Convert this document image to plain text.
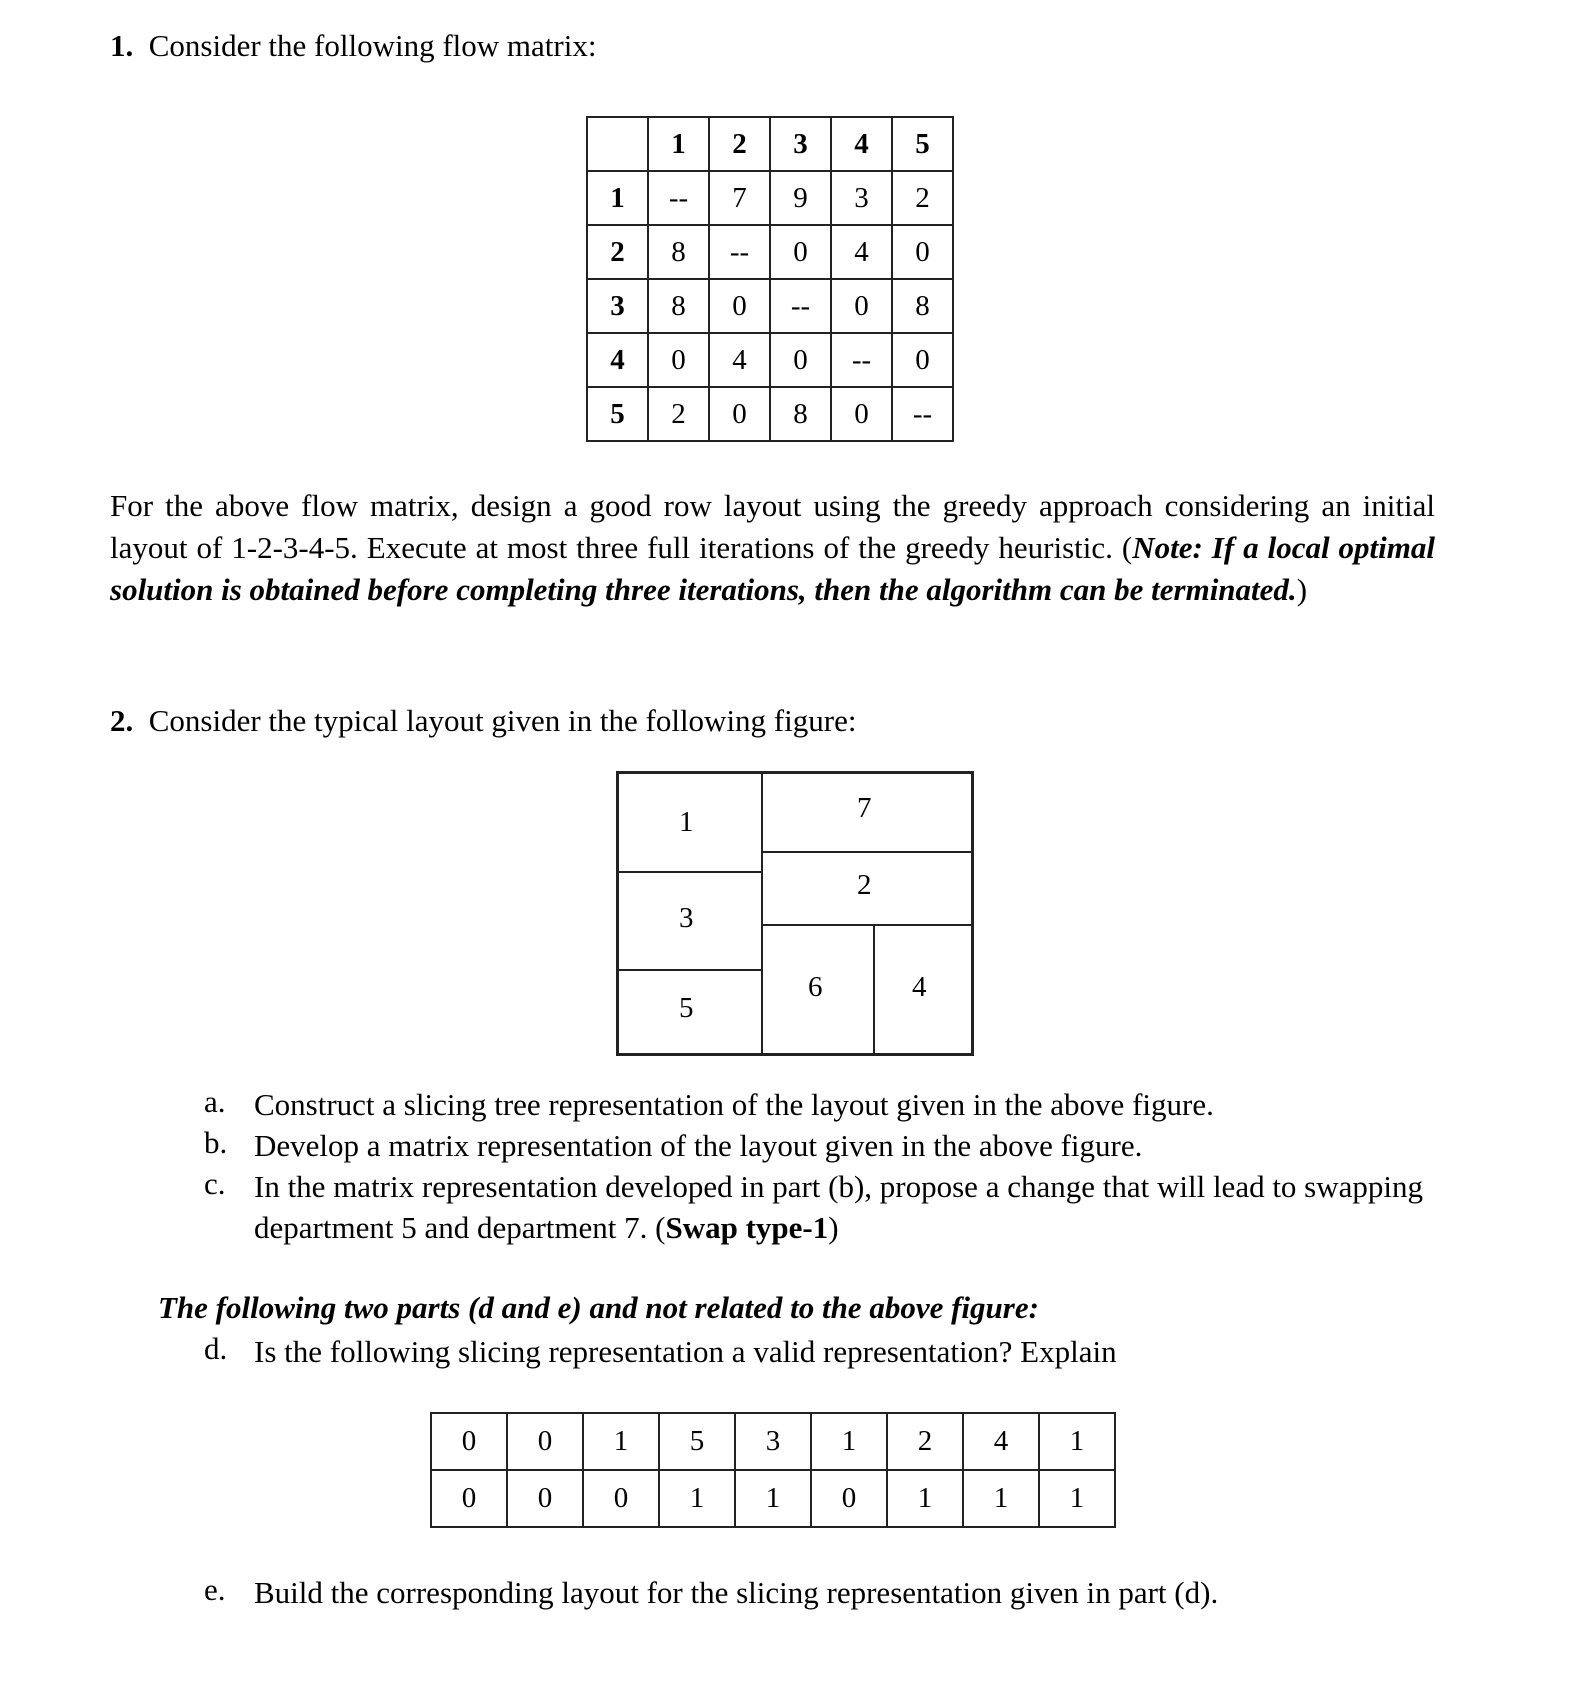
1. Consider the following flow matrix:
	1	2	3	4	5
1	--	7	9	3	2
2	8	--	0	4	0
3	8	0	--	0	8
4	0	4	0	--	0
5	2	0	8	0	--
For the above flow matrix, design a good row layout using the greedy approach considering an initial layout of 1-2-3-4-5. Execute at most three full iterations of the greedy heuristic. (Note: If a local optimal solution is obtained before completing three iterations, then the algorithm can be terminated.)
2. Consider the typical layout given in the following figure:
1
3
5
7
2
6	4
a. Construct a slicing tree representation of the layout given in the above figure.
b. Develop a matrix representation of the layout given in the above figure.
c. In the matrix representation developed in part (b), propose a change that will lead to swapping
department 5 and department 7. (Swap type-1)
The following two parts (d and e) and not related to the above figure:
d. Is the following slicing representation a valid representation? Explain
0	0	1	5	3	1	2	4	1
0	0	0	1	1	0	1	1	1
e. Build the corresponding layout for the slicing representation given in part (d).
